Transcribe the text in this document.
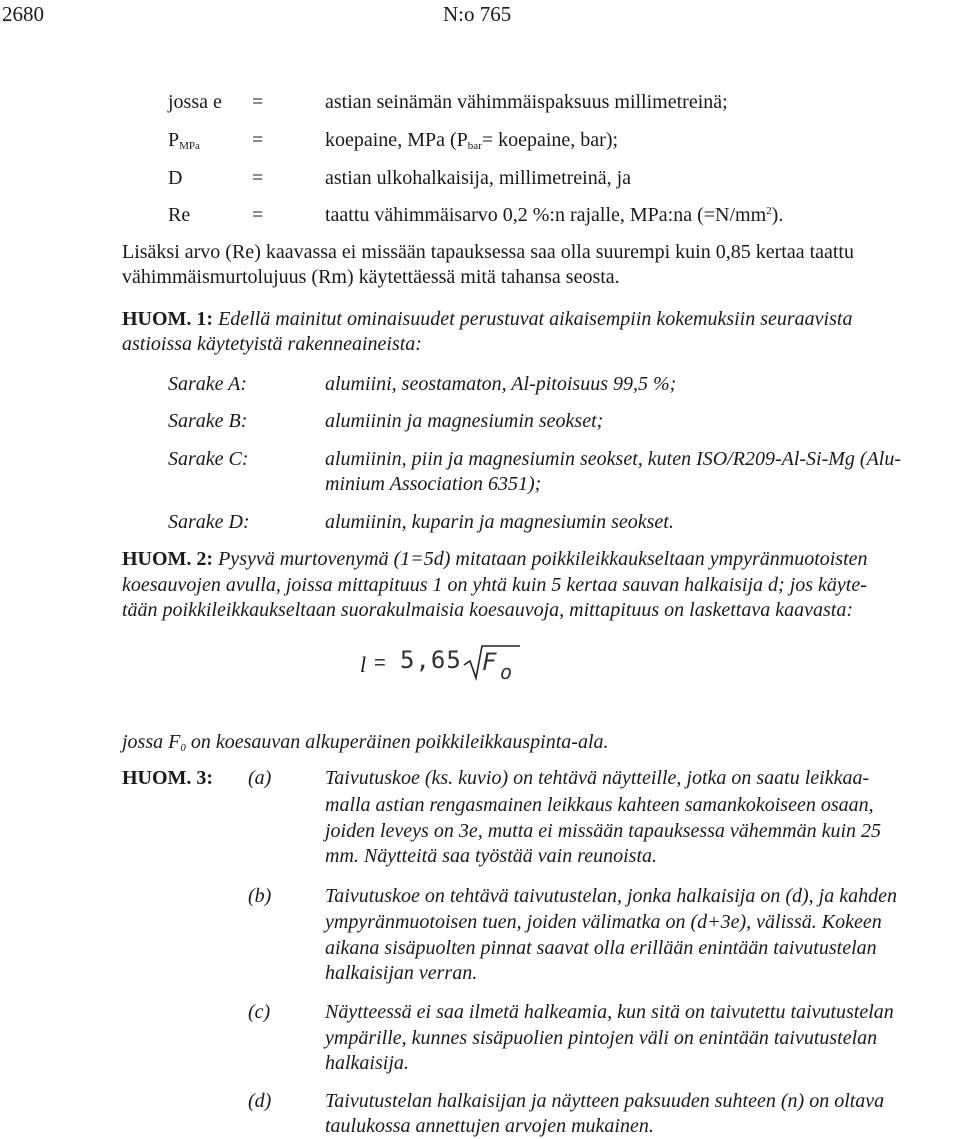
2680	N:o 765
jossa e =	astian seinämän vähimmäispaksuus millimetreinä;
$P_{MPa}$	=	koepaine, MPa ($P_{bar}=$ koepaine, bar);
D	=	astian ulkohalkaisija, millimetreinä, ja
Re	=	taattu vähimmäisarvo 0,2 %:n rajalle, MPa:na $(=N/mm^2)$.
Lisäksi arvo (Re) kaavassa ei missään tapauksessa saa olla suurempi kuin 0,85 kertaa taattu
vähimmäismurtolujuus (Rm) käytettäessä mitä tahansa seosta.
HUOM. 1: Edellä mainitut ominaisuudet perustuvat aikaisempiin kokemuksiin seuraavista
astioissa käytetyistä rakenneaineista:
Sarake A:	alumiini, seostamaton, Al-pitoisuus 99,5 %;
Sarake B:	alumiinin ja magnesiumin seokset;
Sarake C:	alumiinin, piin ja magnesiumin seokset, kuten ISO/R209-Al-Si-Mg (Alu-
minium Association 6351);
Sarake D:	alumiinin, kuparin ja magnesiumin seokset.
HUOM. 2: Pysyvä murtovenymä (1=5d) mitataan poikkileikkaukseltaan ympyränmuotoisten
koesauvojen avulla, joissa mittapituus 1 on yhtä kuin 5 kertaa sauvan halkaisija d; jos käyte-
tään poikkileikkaukseltaan suorakulmaisia koesauvoja, mittapituus on laskettava kaavasta:
l = 5,65 F o
jossa $F_0$ on koesauvan alkuperäinen poikkileikkauspinta-ala.
HUOM. 3: (a)	Taivutuskoe (ks. kuvio) on tehtävä näytteille, jotka on saatu leikkaa-
malla astian rengasmainen leikkaus kahteen samankokoiseen osaan,
joiden leveys on 3e, mutta ei missään tapauksessa vähemmän kuin 25
mm. Näytteitä saa työstää vain reunoista.
(b)	Taivutuskoe on tehtävä taivutustelan, jonka halkaisija on (d), ja kahden
ympyränmuotoisen tuen, joiden välimatka on (d+3e), välissä. Kokeen
aikana sisäpuolten pinnat saavat olla erillään enintään taivutustelan
halkaisijan verran.
(c)	Näytteessä ei saa ilmetä halkeamia, kun sitä on taivutettu taivutustelan
ympärille, kunnes sisäpuolien pintojen väli on enintään taivutustelan
halkaisija.
(d)	Taivutustelan halkaisijan ja näytteen paksuuden suhteen (n) on oltava
taulukossa annettujen arvojen mukainen.
